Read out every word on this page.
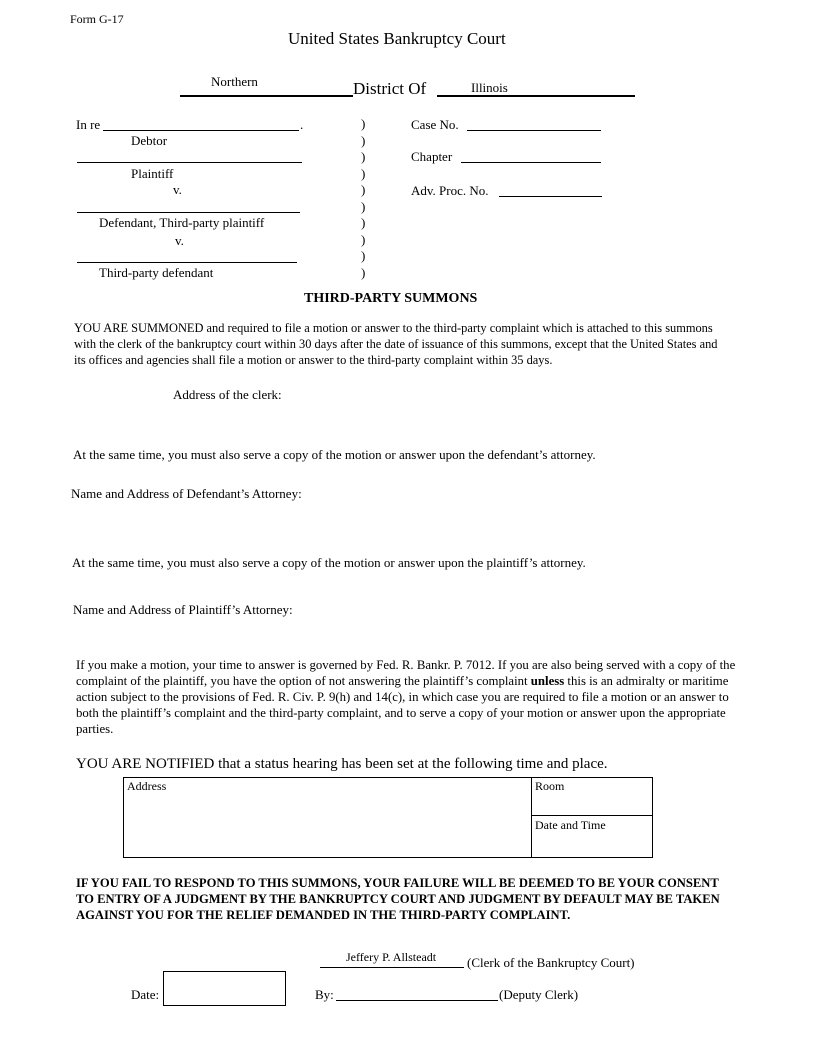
Form G-17
United States Bankruptcy Court
Northern	District Of	Illinois
In re	.
Debtor
Plaintiff
v.
Defendant, Third-party plaintiff
v.
Third-party defendant
)
)
)
)
)
)
)
)
)
)
Case No.
Chapter
Adv. Proc. No.
THIRD-PARTY SUMMONS
YOU ARE SUMMONED and required to file a motion or answer to the third-party complaint which is attached to this summons with the clerk of the bankruptcy court within 30 days after the date of issuance of this summons, except that the United States and its offices and agencies shall file a motion or answer to the third-party complaint within 35 days.
Address of the clerk:
At the same time, you must also serve a copy of the motion or answer upon the defendant’s attorney.
Name and Address of Defendant’s Attorney:
At the same time, you must also serve a copy of the motion or answer upon the plaintiff’s attorney.
Name and Address of Plaintiff’s Attorney:
If you make a motion, your time to answer is governed by Fed. R. Bankr. P. 7012. If you are also being served with a copy of the complaint of the plaintiff, you have the option of not answering the plaintiff’s complaint unless this is an admiralty or maritime action subject to the provisions of Fed. R. Civ. P. 9(h) and 14(c), in which case you are required to file a motion or an answer to both the plaintiff’s complaint and the third-party complaint, and to serve a copy of your motion or answer upon the appropriate parties.
YOU ARE NOTIFIED that a status hearing has been set at the following time and place.
Address	Room
Date and Time
IF YOU FAIL TO RESPOND TO THIS SUMMONS, YOUR FAILURE WILL BE DEEMED TO BE YOUR CONSENT TO ENTRY OF A JUDGMENT BY THE BANKRUPTCY COURT AND JUDGMENT BY DEFAULT MAY BE TAKEN AGAINST YOU FOR THE RELIEF DEMANDED IN THE THIRD-PARTY COMPLAINT.
Jeffery P. Allsteadt (Clerk of the Bankruptcy Court)
Date:	By:	(Deputy Clerk)
